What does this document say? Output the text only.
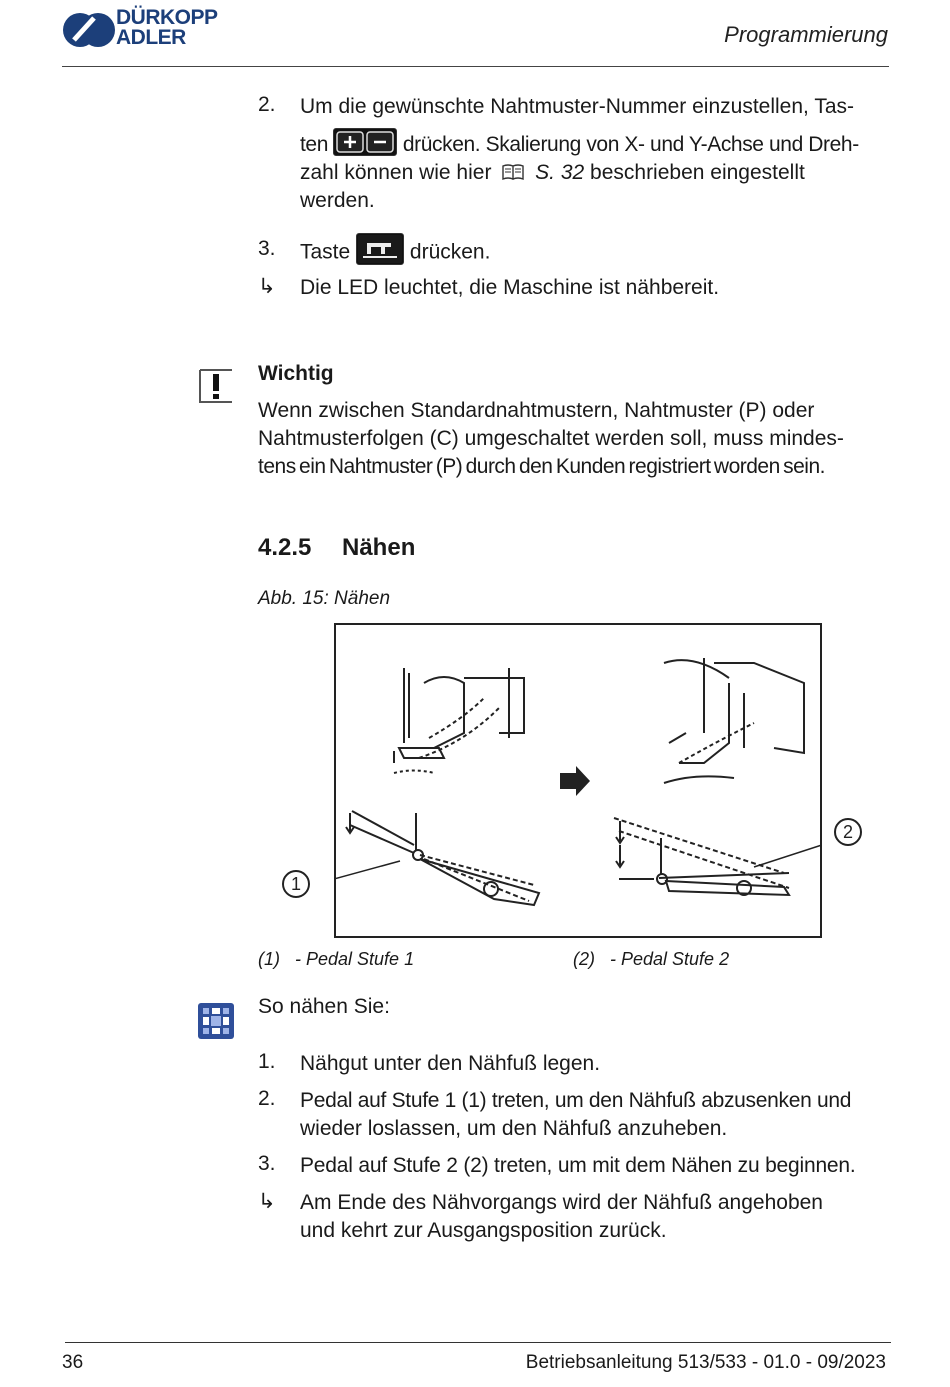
DÜRKOPP
ADLER	Programmierung
2. Um die gewünschte Nahtmuster-Nummer einzustellen, Tas-
ten	drücken. Skalierung von X- und Y-Achse und Dreh-
zahl können wie hier S. 32 beschrieben eingestellt
werden.
3. Taste	drücken.
↳ Die LED leuchtet, die Maschine ist nähbereit.
Wichtig
Wenn zwischen Standardnahtmustern, Nahtmuster (P) oder
Nahtmusterfolgen (C) umgeschaltet werden soll, muss mindes-
tens ein Nahtmuster (P) durch den Kunden registriert worden sein.
4.2.5 Nähen
Abb. 15: Nähen
1
2
(1)   - Pedal Stufe 1	(2)   - Pedal Stufe 2
So nähen Sie:
1. Nähgut unter den Nähfuß legen.
2. Pedal auf Stufe 1 (1) treten, um den Nähfuß abzusenken und
wieder loslassen, um den Nähfuß anzuheben.
3. Pedal auf Stufe 2 (2) treten, um mit dem Nähen zu beginnen.
↳ Am Ende des Nähvorgangs wird der Nähfuß angehoben
und kehrt zur Ausgangsposition zurück.
36	Betriebsanleitung 513/533 - 01.0 - 09/2023
